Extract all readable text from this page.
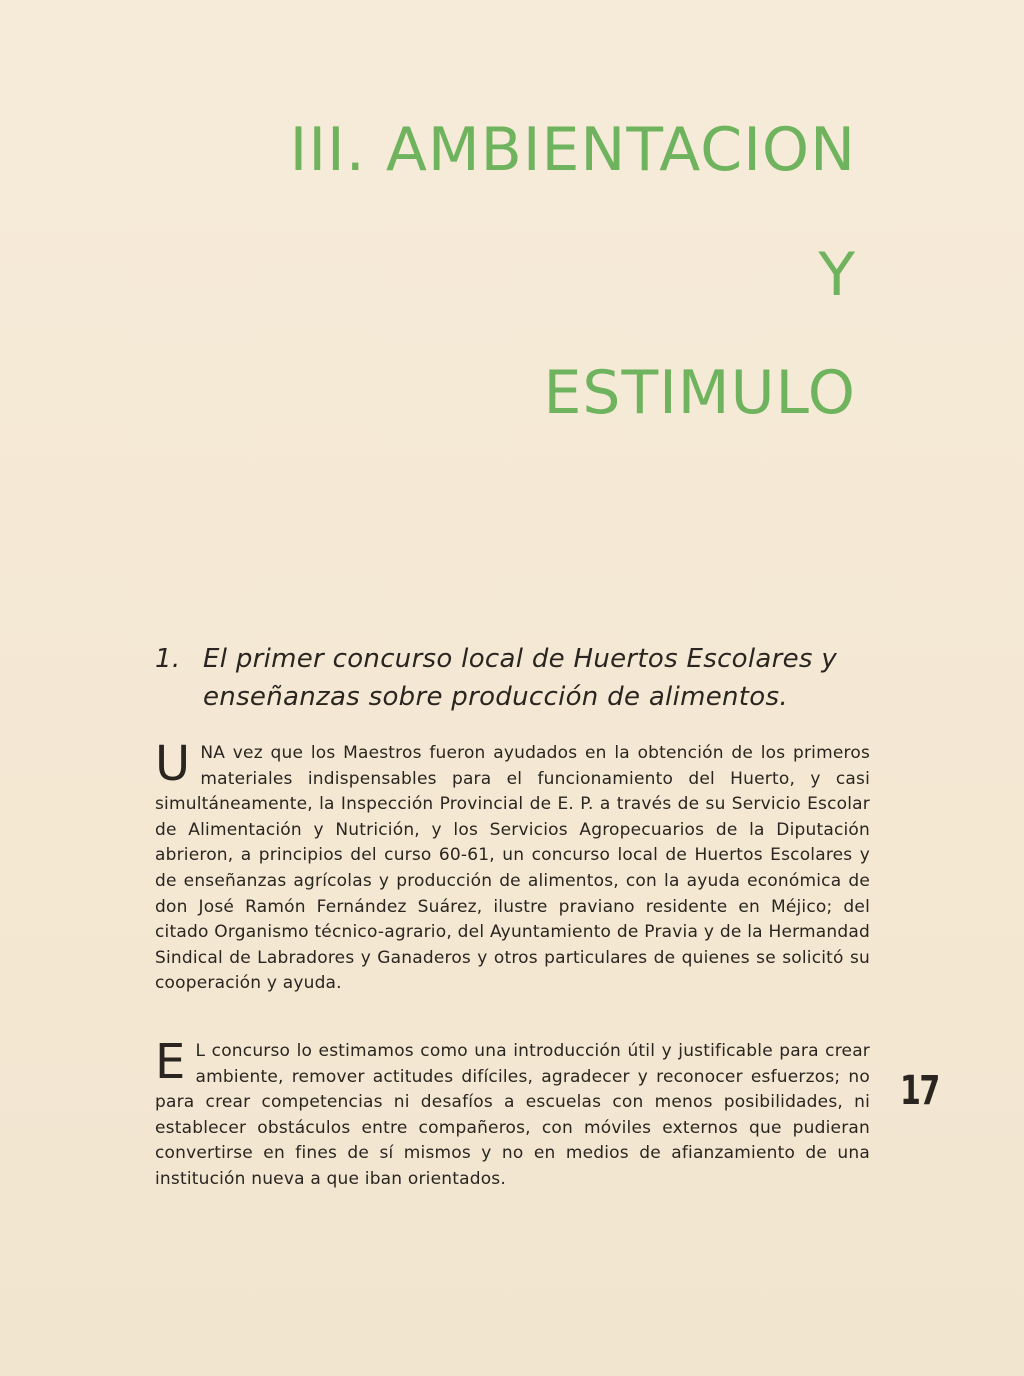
III. AMBIENTACION
Y
ESTIMULO
1. El primer concurso local de Huertos Escolares y
enseñanzas sobre producción de alimentos.
UNA vez que los Maestros fueron ayudados en la obtención de los primeros materiales indispensables para el funcionamiento del Huerto, y casi simultáneamente, la Inspección Provincial de E. P. a través de su Servicio Escolar de Alimentación y Nutrición, y los Servicios Agropecuarios de la Diputación abrieron, a principios del curso 60-61, un concurso local de Huertos Escolares y de enseñanzas agrícolas y producción de alimentos, con la ayuda económica de don José Ramón Fernández Suárez, ilustre praviano residente en Méjico; del citado Organismo técnico-agrario, del Ayuntamiento de Pravia y de la Hermandad Sindical de Labradores y Ganaderos y otros particulares de quienes se solicitó su cooperación y ayuda.
E L concurso lo estimamos como una introducción útil y justificable para crear ambiente, remover actitudes difíciles, agradecer y reconocer esfuerzos; no para crear competencias ni desafíos a escuelas con menos posibilidades, ni establecer obstáculos entre compañeros, con móviles externos que pudieran convertirse en fines de sí mismos y no en medios de afianzamiento de una institución nueva a que iban orientados.
17
